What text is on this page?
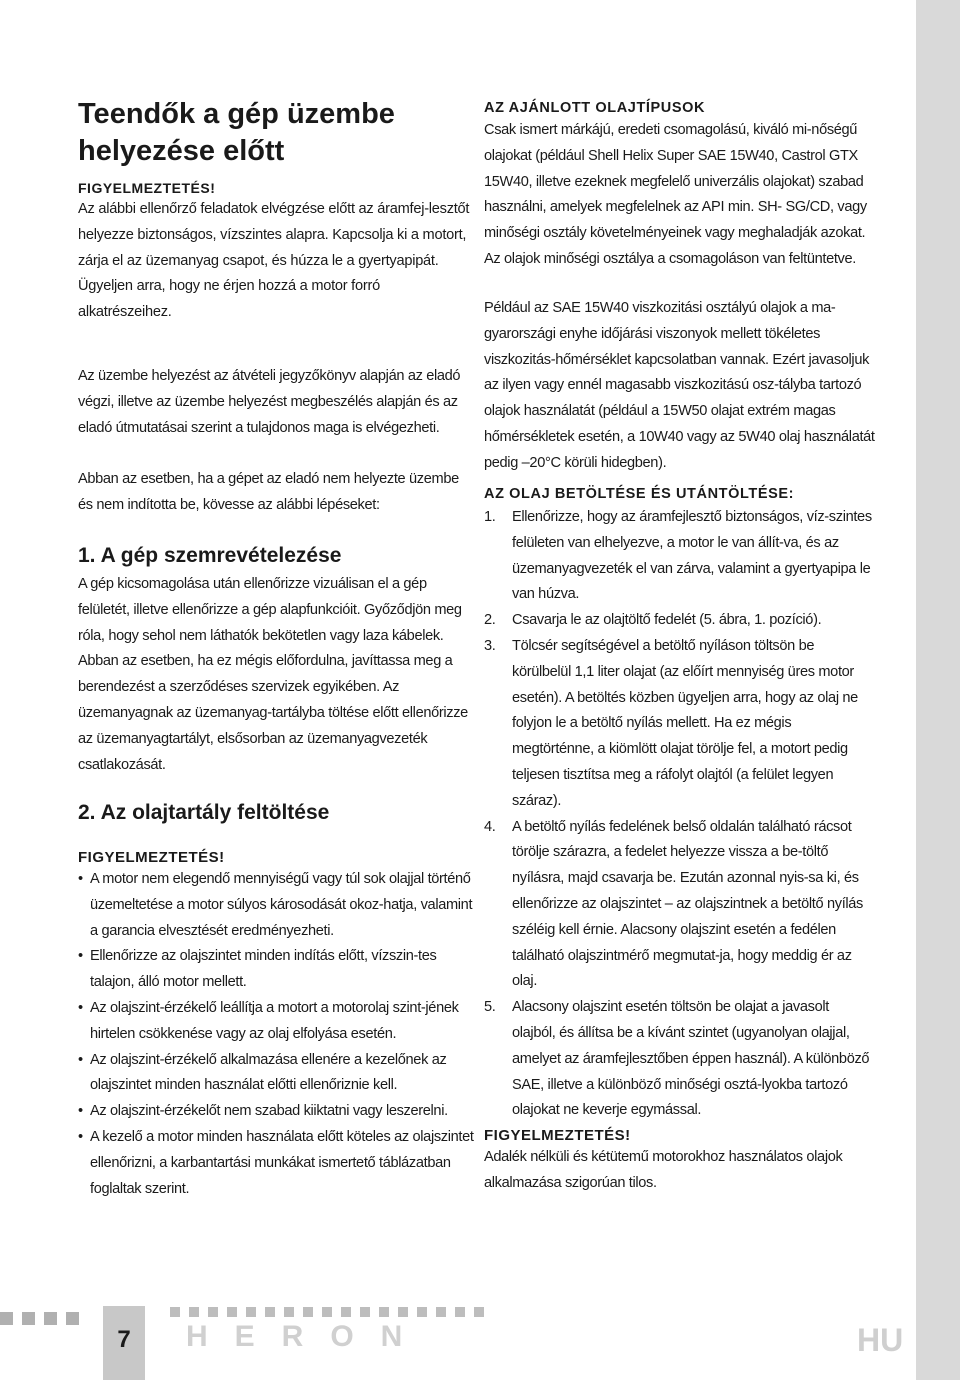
Teendők a gép üzembe
helyezése előtt

FIGYELMEZTETÉS!

Az alábbi ellenőrző feladatok elvégzése előtt az áramfej-lesztőt helyezze biztonságos, vízszintes alapra. Kapcsolja ki a motort, zárja el az üzemanyag csapot, és húzza le a gyertyapipát. Ügyeljen arra, hogy ne érjen hozzá a motor forró alkatrészeihez.

Az üzembe helyezést az átvételi jegyzőkönyv alapján az eladó végzi, illetve az üzembe helyezést megbeszélés alapján és az eladó útmutatásai szerint a tulajdonos maga is elvégezheti.

Abban az esetben, ha a gépet az eladó nem helyezte üzembe és nem indította be, kövesse az alábbi lépéseket:

1. A gép szemrevételezése

A gép kicsomagolása után ellenőrizze vizuálisan el a gép felületét, illetve ellenőrizze a gép alapfunkcióit. Győződjön meg róla, hogy sehol nem láthatók bekötetlen vagy laza kábelek. Abban az esetben, ha ez mégis előfordulna, javíttassa meg a berendezést a szerződéses szervizek egyikében. Az üzemanyagnak az üzemanyag-tartályba töltése előtt ellenőrizze az üzemanyagtartályt, elsősorban az üzemanyagvezeték csatlakozását.

2. Az olajtartály feltöltése

FIGYELMEZTETÉS!

• A motor nem elegendő mennyiségű vagy túl sok olajjal történő üzemeltetése a motor súlyos károsodását okoz-hatja, valamint a garancia elvesztését eredményezheti.
• Ellenőrizze az olajszintet minden indítás előtt, vízszin-tes talajon, álló motor mellett.
• Az olajszint-érzékelő leállítja a motort a motorolaj szint-jének hirtelen csökkenése vagy az olaj elfolyása esetén.
• Az olajszint-érzékelő alkalmazása ellenére a kezelőnek az olajszintet minden használat előtti ellenőriznie kell.
• Az olajszint-érzékelőt nem szabad kiiktatni vagy leszerelni.
• A kezelő a motor minden használata előtt köteles az olajszintet ellenőrizni, a karbantartási munkákat ismertető táblázatban foglaltak szerint.

AZ AJÁNLOTT OLAJTÍPUSOK

Csak ismert márkájú, eredeti csomagolású, kiváló mi-nőségű olajokat (például Shell Helix Super SAE 15W40, Castrol GTX 15W40, illetve ezeknek megfelelő univerzális olajokat) szabad használni, amelyek megfelelnek az API min. SH- SG/CD, vagy minőségi osztály követelményeinek vagy meghaladják azokat. Az olajok minőségi osztálya a csomagoláson van feltüntetve.

Például az SAE 15W40 viszkozitási osztályú olajok a ma-gyarországi enyhe időjárási viszonyok mellett tökéletes viszkozitás-hőmérséklet kapcsolatban vannak. Ezért javasoljuk az ilyen vagy ennél magasabb viszkozitású osz-tályba tartozó olajok használatát (például a 15W50 olajat extrém magas hőmérsékletek esetén, a 10W40 vagy az 5W40 olaj használatát pedig –20°C körüli hidegben).

AZ OLAJ BETÖLTÉSE ÉS UTÁNTÖLTÉSE:

1. Ellenőrizze, hogy az áramfejlesztő biztonságos, víz-szintes felületen van elhelyezve, a motor le van állít-va, és az üzemanyagvezeték el van zárva, valamint a gyertyapipa le van húzva.
2. Csavarja le az olajtöltő fedelét (5. ábra, 1. pozíció).
3. Tölcsér segítségével a betöltő nyíláson töltsön be körülbelül 1,1 liter olajat (az előírt mennyiség üres motor esetén). A betöltés közben ügyeljen arra, hogy az olaj ne folyjon le a betöltő nyílás mellett. Ha ez mégis megtörténne, a kiömlött olajat törölje fel, a motort pedig teljesen tisztítsa meg a ráfolyt olajtól (a felület legyen száraz).
4. A betöltő nyílás fedelének belső oldalán található rácsot törölje szárazra, a fedelet helyezze vissza a be-töltő nyílásra, majd csavarja be. Ezután azonnal nyis-sa ki, és ellenőrizze az olajszintet – az olajszintnek a betöltő nyílás széléig kell érnie. Alacsony olajszint esetén a fedélen található olajszintmérő megmutat-ja, hogy meddig ér az olaj.
5. Alacsony olajszint esetén töltsön be olajat a javasolt olajból, és állítsa be a kívánt szintet (ugyanolyan olajjal, amelyet az áramfejlesztőben éppen használ). A különböző SAE, illetve a különböző minőségi osztá-lyokba tartozó olajokat ne keverje egymással.

FIGYELMEZTETÉS!

Adalék nélküli és kétütemű motorokhoz használatos olajok alkalmazása szigorúan tilos.

7	HERON	HU
